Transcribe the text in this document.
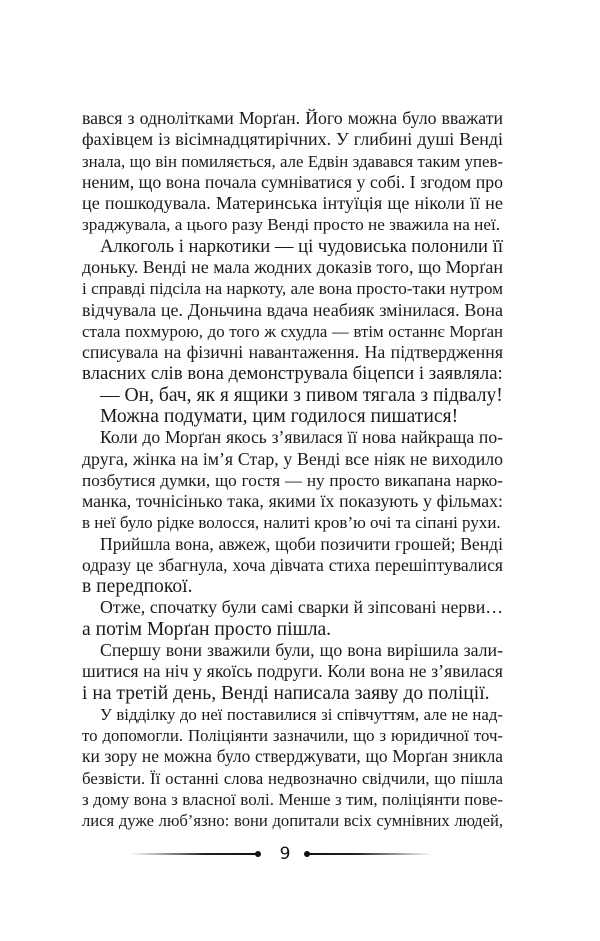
вався з однолітками Морґан. Його можна було вважати
фахівцем із вісімнадцятирічних. У глибині душі Венді
знала, що він помиляється, але Едвін здавався таким упев-
неним, що вона почала сумніватися у собі. І згодом про
це пошкодувала. Материнська інтуїція ще ніколи її не
зраджувала, а цього разу Венді просто не зважила на неї.
Алкоголь і наркотики — ці чудовиська полонили її
доньку. Венді не мала жодних доказів того, що Морґан
і справді підсіла на наркоту, але вона просто-таки нутром
відчувала це. Доньчина вдача неабияк змінилася. Вона
стала похмурою, до того ж схудла — втім останнє Морґан
списувала на фізичні навантаження. На підтвердження
власних слів вона демонструвала біцепси і заявляла:
— Он, бач, як я ящики з пивом тягала з підвалу!
Можна подумати, цим годилося пишатися!
Коли до Морґан якось з’явилася її нова найкраща по-
друга, жінка на ім’я Стар, у Венді все ніяк не виходило
позбутися думки, що гостя — ну просто викапана нарко-
манка, точнісінько така, якими їх показують у фільмах:
в неї було рідке волосся, налиті кров’ю очі та сіпані рухи.
Прийшла вона, авжеж, щоби позичити грошей; Венді
одразу це збагнула, хоча дівчата стиха перешіптувалися
в передпокої.
Отже, спочатку були самі сварки й зіпсовані нерви…
а потім Морґан просто пішла.
Спершу вони зважили були, що вона вирішила зали-
шитися на ніч у якоїсь подруги. Коли вона не з’явилася
і на третій день, Венді написала заяву до поліції.
У відділку до неї поставилися зі співчуттям, але не над-
то допомогли. Поліціянти зазначили, що з юридичної точ-
ки зору не можна було стверджувати, що Морґан зникла
безвісти. Її останні слова недвозначно свідчили, що пішла
з дому вона з власної волі. Менше з тим, поліціянти пове-
лися дуже люб’язно: вони допитали всіх сумнівних людей,
9
